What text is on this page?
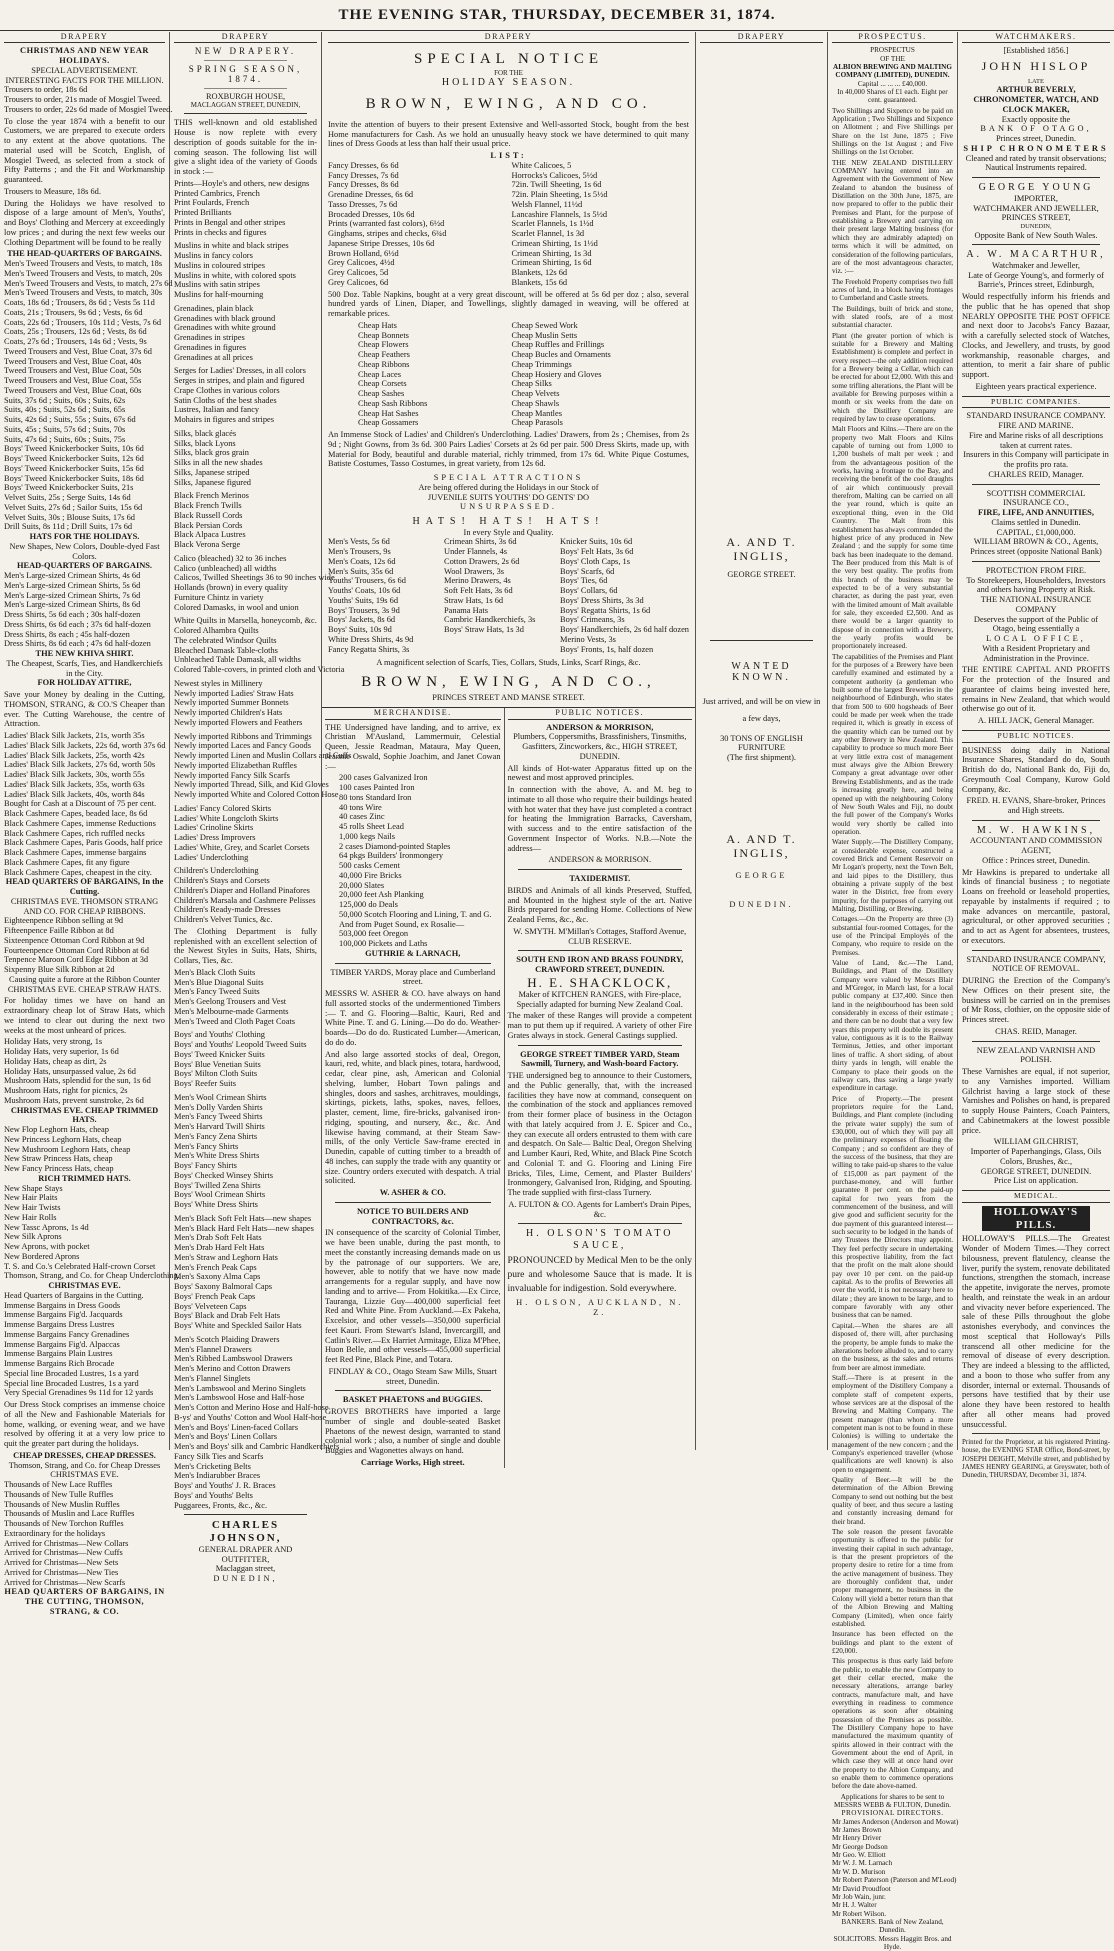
THE EVENING STAR, THURSDAY, DECEMBER 31, 1874.
DRAPERY
CHRISTMAS AND NEW YEAR HOLIDAYS.
SPECIAL ADVERTISEMENT.
INTERESTING FACTS FOR THE MILLION.
Trousers to order, 18s 6d
Trousers to order, 21s made of Mosgiel Tweed.
Trousers to order, 22s 6d made of Mosgiel Tweed.
To close the year 1874 with a benefit to our Customers, we are prepared to execute orders to any extent at the above quotations. The material used will be Scotch, English, of Mosgiel Tweed, as selected from a stock of Fifty Patterns ; and the Fit and Workmanship guaranteed.
Trousers to Measure, 18s 6d.
During the Holidays we have resolved to dispose of a large amount of Men's, Youths', and Boys' Clothing and Mercery at exceedingly low prices ; and during the next few weeks our Clothing Department will be found to be really
THE HEAD-QUARTERS OF BARGAINS.
Men's Tweed Trousers and Vests, to match, 18s
Men's Tweed Trousers and Vests, to match, 20s
Men's Tweed Trousers and Vests, to match, 27s 6d
Men's Tweed Trousers and Vests, to match, 30s
Coats, 18s 6d ; Trousers, 8s 6d ; Vests 5s 11d
Coats, 21s ; Trousers, 9s 6d ; Vests, 6s 6d
Coats, 22s 6d ; Trousers, 10s 11d ; Vests, 7s 6d
Coats, 25s ; Trousers, 12s 6d ; Vests, 8s 6d
Coats, 27s 6d ; Trousers, 14s 6d ; Vests, 9s
Tweed Trousers and Vest, Blue Coat, 37s 6d
Tweed Trousers and Vest, Blue Coat, 40s
Tweed Trousers and Vest, Blue Coat, 50s
Tweed Trousers and Vest, Blue Coat, 55s
Tweed Trousers and Vest, Blue Coat, 60s
Suits, 37s 6d ; Suits, 60s ; Suits, 62s
Suits, 40s ; Suits, 52s 6d ; Suits, 65s
Suits, 42s 6d ; Suits, 55s ; Suits, 67s 6d
Suits, 45s ; Suits, 57s 6d ; Suits, 70s
Suits, 47s 6d ; Suits, 60s ; Suits, 75s
Boys' Tweed Knickerbocker Suits, 10s 6d
Boys' Tweed Knickerbocker Suits, 12s 6d
Boys' Tweed Knickerbocker Suits, 15s 6d
Boys' Tweed Knickerbocker Suits, 18s 6d
Boys' Tweed Knickerbocker Suits, 21s
Velvet Suits, 25s ; Serge Suits, 14s 6d
Velvet Suits, 27s 6d ; Sailor Suits, 15s 6d
Velvet Suits, 30s ; Blouse Suits, 17s 6d
Drill Suits, 8s 11d ; Drill Suits, 17s 6d
HATS FOR THE HOLIDAYS.
New Shapes, New Colors, Double-dyed Fast Colors.
HEAD-QUARTERS OF BARGAINS.
Men's Large-sized Crimean Shirts, 4s 6d
Men's Large-sized Crimean Shirts, 5s 6d
Men's Large-sized Crimean Shirts, 7s 6d
Men's Large-sized Crimean Shirts, 8s 6d
Dress Shirts, 5s 6d each ; 30s half-dozen
Dress Shirts, 6s 6d each ; 37s 6d half-dozen
Dress Shirts, 8s each ; 45s half-dozen
Dress Shirts, 8s 6d each ; 47s 6d half-dozen
THE NEW KHIVA SHIRT.
The Cheapest, Scarfs, Ties, and Handkerchiefs in the City.
FOR HOLIDAY ATTIRE,
Save your Money by dealing in the Cutting, THOMSON, STRANG, & CO.'S Cheaper than ever. The Cutting Warehouse, the centre of Attraction.
Ladies' Black Silk Jackets, 21s, worth 35s
Ladies' Black Silk Jackets, 22s 6d, worth 37s 6d
Ladies' Black Silk Jackets, 25s, worth 42s
Ladies' Black Silk Jackets, 27s 6d, worth 50s
Ladies' Black Silk Jackets, 30s, worth 55s
Ladies' Black Silk Jackets, 35s, worth 63s
Ladies' Black Silk Jackets, 40s, worth 84s
Bought for Cash at a Discount of 75 per cent.
Black Cashmere Capes, beaded lace, 8s 6d
Black Cashmere Capes, immense Reductions
Black Cashmere Capes, rich ruffled necks
Black Cashmere Capes, Paris Goods, half price
Black Cashmere Capes, immense bargains
Black Cashmere Capes, fit any figure
Black Cashmere Capes, cheapest in the city.
HEAD QUARTERS OF BARGAINS, In the Cutting.
CHRISTMAS EVE. THOMSON STRANG AND CO. FOR CHEAP RIBBONS.
Eighteenpence Ribbon selling at 9d
Fifteenpence Faille Ribbon at 8d
Sixteenpence Ottoman Cord Ribbon at 9d
Fourteenpence Ottoman Cord Ribbon at 6d
Tenpence Maroon Cord Edge Ribbon at 3d
Sixpenny Blue Silk Ribbon at 2d
Causing quite a furore at the Ribbon Counter CHRISTMAS EVE. CHEAP STRAW HATS.
For holiday times we have on hand an extraordinary cheap lot of Straw Hats, which we intend to clear out during the next two weeks at the most unheard of prices.
Holiday Hats, very strong, 1s
Holiday Hats, very superior, 1s 6d
Holiday Hats, cheap as dirt, 2s
Holiday Hats, unsurpassed value, 2s 6d
Mushroom Hats, splendid for the sun, 1s 6d
Mushroom Hats, right for picnics, 2s
Mushroom Hats, prevent sunstroke, 2s 6d
CHRISTMAS EVE. CHEAP TRIMMED HATS.
New Flop Leghorn Hats, cheap
New Princess Leghorn Hats, cheap
New Mushroom Leghorn Hats, cheap
New Straw Princess Hats, cheap
New Fancy Princess Hats, cheap
RICH TRIMMED HATS.
New Shape Stays
New Hair Plaits
New Hair Twists
New Hair Rolls
New Tassc Aprons, 1s 4d
New Silk Aprons
New Aprons, with pocket
New Bordered Aprons
T. S. and Co.'s Celebrated Half-crown Corset
Thomson, Strang, and Co. for Cheap Underclothing.
CHRISTMAS EVE.
Head Quarters of Bargains in the Cutting.
Immense Bargains in Dress Goods
Immense Bargains Fig'd. Jacquards
Immense Bargains Dress Lustres
Immense Bargains Fancy Grenadines
Immense Bargains Fig'd. Alpaccas
Immense Bargains Plain Lustres
Immense Bargains Rich Brocade
Special line Brocaded Lustres, 1s a yard
Special line Brocaded Lustres, 1s a yard
Very Special Grenadines 9s 11d for 12 yards
Our Dress Stock comprises an immense choice of all the New and Fashionable Materials for home, walking, or evening wear, and we have resolved by offering it at a very low price to quit the greater part during the holidays.
CHEAP DRESSES, CHEAP DRESSES.
Thomson, Strang, and Co. for Cheap Dresses CHRISTMAS EVE.
Thousands of New Lace Ruffles
Thousands of New Tulle Ruffles
Thousands of New Muslin Ruffles
Thousands of Muslin and Lace Ruffles
Thousands of New Torchon Ruffles
Extraordinary for the holidays
Arrived for Christmas—New Collars
Arrived for Christmas—New Cuffs
Arrived for Christmas—New Sets
Arrived for Christmas—New Ties
Arrived for Christmas—New Scarfs
HEAD QUARTERS OF BARGAINS, IN THE CUTTING, THOMSON, STRANG, & CO.
DRAPERY
NEW DRAPERY.
SPRING SEASON, 1874.
ROXBURGH HOUSE,
MACLAGGAN STREET, DUNEDIN,
THIS well-known and old established House is now replete with every description of goods suitable for the in-coming season. The following list will give a slight idea of the variety of Goods in stock :—
Prints—Hoyle's and others, new designs
Printed Cambrics, French
Print Foulards, French
Printed Brilliants
Prints in Bengal and other stripes
Prints in checks and figures
Muslins in white and black stripes
Muslins in fancy colors
Muslins in coloured stripes
Muslins in white, with colored spots
Muslins with satin stripes
Muslins for half-mourning
Grenadines, plain black
Grenadines with black ground
Grenadines with white ground
Grenadines in stripes
Grenadines in figures
Grenadines at all prices
Serges for Ladies' Dresses, in all colors
Serges in stripes, and plain and figured
Crape Clothes in various colors
Satin Cloths of the best shades
Lustres, Italian and fancy
Mohairs in figures and stripes
Silks, black glacés
Silks, black Lyons
Silks, black gros grain
Silks in all the new shades
Silks, Japanese striped
Silks, Japanese figured
Black French Merinos
Black French Twills
Black Russell Cords
Black Persian Cords
Black Alpaca Lustres
Black Verona Serge
Calico (bleached) 32 to 36 inches
Calico (unbleached) all widths
Calicos, Twilled Sheetings 36 to 90 inches wide
Hollands (brown) in every quality
Furniture Chintz in variety
Colored Damasks, in wool and union
White Quilts in Marsella, honeycomb, &c.
Colored Alhambra Quilts
The celebrated Windsor Quilts
Bleached Damask Table-cloths
Unbleached Table Damask, all widths
Colored Table-covers, in printed cloth and Victoria
Newest styles in Millinery
Newly imported Ladies' Straw Hats
Newly imported Summer Bonnets
Newly imported Children's Hats
Newly imported Flowers and Feathers
Newly imported Ribbons and Trimmings
Newly imported Laces and Fancy Goods
Newly imported Linen and Muslin Collars and Cuffs
Newly imported Elizabethan Ruffles
Newly imported Fancy Silk Scarfs
Newly imported Thread, Silk, and Kid Gloves
Newly imported White and Colored Cotton Hose
Ladies' Fancy Colored Skirts
Ladies' White Longcloth Skirts
Ladies' Crinoline Skirts
Ladies' Dress Improvers
Ladies' White, Grey, and Scarlet Corsets
Ladies' Underclothing
Children's Underclothing
Children's Stays and Corsets
Children's Diaper and Holland Pinafores
Children's Marsala and Cashmere Pelisses
Children's Ready-made Dresses
Children's Velvet Tunics, &c.
The Clothing Department is fully replenished with an excellent selection of the Newest Styles in Suits, Hats, Shirts, Collars, Ties, &c.
Men's Black Cloth Suits
Men's Blue Diagonal Suits
Men's Fancy Tweed Suits
Men's Geelong Trousers and Vest
Men's Melbourne-made Garments
Men's Tweed and Cloth Paget Coats
Boys' and Youths' Clothing
Boys' and Youths' Leopold Tweed Suits
Boys' Tweed Knicker Suits
Boys' Blue Venetian Suits
Boys' Milton Cloth Suits
Boys' Reefer Suits
Men's Wool Crimean Shirts
Men's Dolly Varden Shirts
Men's Fancy Tweed Shirts
Men's Harvard Twill Shirts
Men's Fancy Zena Shirts
Men's Fancy Shirts
Men's White Dress Shirts
Boys' Fancy Shirts
Boys' Checked Winsey Shirts
Boys' Twilled Zena Shirts
Boys' Wool Crimean Shirts
Boys' White Dress Shirts
Men's Black Soft Felt Hats—new shapes
Men's Black Hard Felt Hats—new shapes
Men's Drab Soft Felt Hats
Men's Drab Hard Felt Hats
Men's Straw and Leghorn Hats
Men's French Peak Caps
Men's Saxony Alma Caps
Boys' Saxony Balmoral Caps
Boys' French Peak Caps
Boys' Velveteen Caps
Boys' Black and Drab Felt Hats
Boys' White and Speckled Sailor Hats
Men's Scotch Plaiding Drawers
Men's Flannel Drawers
Men's Ribbed Lambswool Drawers
Men's Merino and Cotton Drawers
Men's Flannel Singlets
Men's Lambswool and Merino Singlets
Men's Lambswool Hose and Half-hose
Men's Cotton and Merino Hose and Half-hose
B-ys' and Youths' Cotton and Wool Half-hose
Men's and Boys' Linen-faced Collars
Men's and Boys' Linen Collars
Men's and Boys' silk and Cambric Handkerchiefs
Fancy Silk Ties and Scarfs
Men's Cricketing Belts
Men's Indiarubber Braces
Boys' and Youths' J. R. Braces
Boys' and Youths' Belts
Puggarees, Fronts, &c., &c.
CHARLES JOHNSON,
GENERAL DRAPER AND OUTFITTER,
Maclaggan street,
DUNEDIN,
DRAPERY
SPECIAL NOTICE
FOR THE
HOLIDAY SEASON.
BROWN, EWING, AND CO.
Invite the attention of buyers to their present Extensive and Well-assorted Stock, bought from the best Home manufacturers for Cash. As we hold an unusually heavy stock we have determined to quit many lines of Dress Goods at less than half their usual price.
LIST:
Fancy Dresses, 6s 6d
Fancy Dresses, 7s 6d
Fancy Dresses, 8s 6d
Grenadine Dresses, 6s 6d
Tasso Dresses, 7s 6d
Brocaded Dresses, 10s 6d
Prints (warranted fast colors), 6½d
Ginghams, stripes and checks, 6¾d
Japanese Stripe Dresses, 10s 6d
Brown Holland, 6½d
Grey Calicoes, 4½d
Grey Calicoes, 5d
Grey Calicoes, 6d
White Calicoes, 5
Horrocks's Calicoes, 5½d
72in. Twill Sheeting, 1s 6d
72in. Plain Sheeting, 1s 5½d
Welsh Flannel, 11½d
Lancashire Flannels, 1s 5½d
Scarlet Flannels, 1s 1½d
Scarlet Flannel, 1s 3d
Crimean Shirting, 1s 1½d
Crimean Shirting, 1s 3d
Crimean Shirting, 1s 6d
Blankets, 12s 6d
Blankets, 15s 6d
500 Doz. Table Napkins, bought at a very great discount, will be offered at 5s 6d per doz ; also, several hundred yards of Linen, Diaper, and Towellings, slightly damaged in weaving, will be offered at remarkable prices.
Cheap Hats
Cheap Bonnets
Cheap Flowers
Cheap Feathers
Cheap Ribbons
Cheap Laces
Cheap Corsets
Cheap Sashes
Cheap Sash Ribbons
Cheap Hat Sashes
Cheap Gossamers
Cheap Sewed Work
Cheap Muslin Setts
Cheap Ruffles and Frillings
Cheap Bucles and Ornaments
Cheap Trimmings
Cheap Hosiery and Gloves
Cheap Silks
Cheap Velvets
Cheap Shawls
Cheap Mantles
Cheap Parasols
An Immense Stock of Ladies' and Children's Underclothing. Ladies' Drawers, from 2s ; Chemises, from 2s 9d ; Night Gowns, from 3s 6d. 300 Pairs Ladies' Corsets at 2s 6d per pair. 500 Dress Skirts, made up, with Material for Body, beautiful and durable material, richly trimmed, from 17s 6d. White Pique Costumes, Batiste Costumes, Tasso Costumes, in great variety, from 12s 6d.
SPECIAL ATTRACTIONS
Are being offered during the Holidays in our Stock of
JUVENILE SUITS YOUTHS' DO GENTS' DO
UNSURPASSED.
HATS! HATS! HATS!
In every Style and Quality.
Men's Vests, 5s 6d
Men's Trousers, 9s
Men's Coats, 12s 6d
Men's Suits, 35s 6d
Youths' Trousers, 6s 6d
Youths' Coats, 10s 6d
Youths' Suits, 19s 6d
Boys' Trousers, 3s 9d
Boys' Jackets, 8s 6d
Boys' Suits, 10s 9d
White Dress Shirts, 4s 9d
Fancy Regatta Shirts, 3s
Crimean Shirts, 3s 6d
Under Flannels, 4s
Cotton Drawers, 2s 6d
Wool Drawers, 3s
Merino Drawers, 4s
Soft Felt Hats, 3s 6d
Straw Hats, 1s 6d
Panama Hats
Cambric Handkerchiefs, 3s
Boys' Straw Hats, 1s 3d
Knicker Suits, 10s 6d
Boys' Felt Hats, 3s 6d
Boys' Cloth Caps, 1s
Boys' Scarfs, 6d
Boys' Ties, 6d
Boys' Collars, 6d
Boys' Dress Shirts, 3s 3d
Boys' Regatta Shirts, 1s 6d
Boys' Crimeans, 3s
Boys' Handkerchiefs, 2s 6d half dozen
Merino Vests, 3s
Boys' Fronts, 1s, half dozen
A magnificent selection of Scarfs, Ties, Collars, Studs, Links, Scarf Rings, &c.
BROWN, EWING, AND CO.,
PRINCES STREET AND MANSE STREET.
MERCHANDISE.
THE Undersigned have landing, and to arrive, ex Christian M'Ausland, Lammermuir, Celestial Queen, Jessie Readman, Mataura, May Queen, Jeannie Oswald, Sophie Joachim, and Janet Cowan :—
200 cases Galvanized Iron
100 cases Painted Iron
80 tons Standard Iron
40 tons Wire
40 cases Zinc
45 rolls Sheet Lead
1,000 kegs Nails
2 cases Diamond-pointed Staples
64 pkgs Builders' Ironmongery
500 casks Cement
40,000 Fire Bricks
20,000 Slates
20,000 feet Ash Planking
125,000 do Deals
50,000 Scotch Flooring and Lining, T. and G.
And from Puget Sound, ex Rosalie—
503,000 feet Oregon
100,000 Pickets and Laths
GUTHRIE & LARNACH,
TIMBER YARDS, Moray place and Cumberland street.
MESSRS W. ASHER & CO. have always on hand full assorted stocks of the undermentioned Timbers :— T. and G. Flooring—Baltic, Kauri, Red and White Pine. T. and G. Lining.—Do do do. Weather-boards—Do do do. Rusticated Lumber—American, do do do.
And also large assorted stocks of deal, Oregon, kauri, red, white, and black pines, totara, hardwood, cedar, clear pine, ash, American and Colonial shelving, lumber, Hobart Town palings and shingles, doors and sashes, architraves, mouldings, skirtings, pickets, laths, spokes, naves, felloes, plaster, cement, lime, fire-bricks, galvanised iron-ridging, spouting, and nursery, &c., &c. And likewise having command, at their Steam Saw-mills, of the only Verticle Saw-frame erected in Dunedin, capable of cutting timber to a breadth of 48 inches, can supply the trade with any quantity or size. Country orders executed with despatch. A trial solicited.
W. ASHER & CO.
NOTICE TO BUILDERS AND CONTRACTORS, &c.
IN consequence of the scarcity of Colonial Timber, we have been unable, during the past month, to meet the constantly increasing demands made on us by the patronage of our supporters. We are, however, able to notify that we have now made arrangements for a regular supply, and have now landing and to arrive— From Hokitika.—Ex Circe, Tauranga, Lizzie Guy—400,000 superficial feet Red and White Pine. From Auckland.—Ex Pakeha, Excelsior, and other vessels—350,000 superficial feet Kauri. From Stewart's Island, Invercargill, and Catlin's River.—Ex Harriet Armitage, Eliza M'Phee, Huon Belle, and other vessels—455,000 superficial feet Red Pine, Black Pine, and Totara.
FINDLAY & CO., Otago Steam Saw Mills, Stuart street, Dunedin.
BASKET PHAETONS and BUGGIES.
GROVES BROTHERS have imported a large number of single and double-seated Basket Phaetons of the newest design, warranted to stand colonial work ; also, a number of single and double Buggies and Wagonettes always on hand.
Carriage Works, High street.
PUBLIC NOTICES.
ANDERSON & MORRISON,
Plumbers, Coppersmiths, Brassfinishers, Tinsmiths, Gasfitters, Zincworkers, &c., HIGH STREET, DUNEDIN.
All kinds of Hot-water Apparatus fitted up on the newest and most approved principles.
In connection with the above, A. and M. beg to intimate to all those who require their buildings heated with hot water that they have just completed a contract for heating the Immigration Barracks, Caversham, with success and to the entire satisfaction of the Government Inspector of Works. N.B.—Note the address—
ANDERSON & MORRISON.
TAXIDERMIST.
BIRDS and Animals of all kinds Preserved, Stuffed, and Mounted in the highest style of the art. Native Birds prepared for sending Home. Collections of New Zealand Ferns, &c., &c.
W. SMYTH. M'Millan's Cottages, Stafford Avenue, CLUB RESERVE.
SOUTH END IRON AND BRASS FOUNDRY, CRAWFORD STREET, DUNEDIN.
H. E. SHACKLOCK,
Maker of KITCHEN RANGES, with Fire-place, Specially adapted for burning New Zealand Coal.
The maker of these Ranges will provide a competent man to put them up if required. A variety of other Fire Grates always in stock. General Castings supplied.
GEORGE STREET TIMBER YARD, Steam Sawmill, Turnery, and Wash-board Factory.
THE undersigned beg to announce to their Customers, and the Public generally, that, with the increased facilities they have now at command, consequent on the combination of the stock and appliances removed from their former place of business in the Octagon with that lately acquired from J. E. Spicer and Co., they can execute all orders entrusted to them with care and despatch. On Sale— Baltic Deal, Oregon Shelving and Lumber Kauri, Red, White, and Black Pine Scotch and Colonial T. and G. Flooring and Lining Fire Bricks, Tiles, Lime, Cement, and Plaster Builders' Ironmongery, Galvanised Iron, Ridging, and Spouting. The trade supplied with first-class Turnery.
A. FULTON & CO. Agents for Lambert's Drain Pipes, &c.
H. OLSON'S TOMATO SAUCE,
PRONOUNCED by Medical Men to be the only pure and wholesome Sauce that is made. It is invaluable for indigestion. Sold everywhere.
H. OLSON, AUCKLAND, N. Z.
DRAPERY
A. AND T. INGLIS,
GEORGE STREET.
WANTED KNOWN.
Just arrived, and will be on view in a few days,
30 TONS OF ENGLISH FURNITURE
(The first shipment).
A. AND T. INGLIS,
GEORGE
DUNEDIN.
PROSPECTUS.
PROSPECTUS
OF THE
ALBION BREWING AND MALTING COMPANY (LIMITED), DUNEDIN.
Capital ... ... ... £40,000.
In 40,000 Shares of £1 each. Eight per cent. guaranteed.
Two Shillings and Sixpence to be paid on Application ; Two Shillings and Sixpence on Allotment ; and Five Shillings per Share on the 1st June, 1875 ; Five Shillings on the 1st August ; and Five Shillings on the 1st October.
THE NEW ZEALAND DISTILLERY COMPANY having entered into an Agreement with the Government of New Zealand to abandon the business of Distillation on the 30th June, 1875, are now prepared to offer to the public their Premises and Plant, for the purpose of establishing a Brewery and carrying on their present large Malting business (for which they are admirably adapted) on terms which it will be admitted, on consideration of the following particulars, are of the most advantageous character, viz. :—
The Freehold Property comprises two full acres of land, in a block having frontages to Cumberland and Castle streets.
The Buildings, built of brick and stone, with slated roofs, are of a most substantial character.
Plant (the greater portion of which is suitable for a Brewery and Malting Establishment) is complete and perfect in every respect—the only addition required for a Brewery being a Cellar, which can be erected for about £2,000. With this and some trifling alterations, the Plant will be available for Brewing purposes within a month or six weeks from the date on which the Distillery Company are required by law to cease operations.
Malt Floors and Kilns.—There are on the property two Malt Floors and Kilns capable of turning out from 1,000 to 1,200 bushels of malt per week ; and from the advantageous position of the works, having a frontage to the Bay, and receiving the benefit of the cool draughts of air which continuously prevail therefrom, Malting can be carried on all the year round, which is quite an exceptional thing, even in the Old Country. The Malt from this establishment has always commanded the highest price of any produced in New Zealand ; and the supply for some time back has been inadequate to the demand. The Beer produced from this Malt is of the very best quality. The profits from this branch of the business may be expected to be of a very substantial character, as during the past year, even with the limited amount of Malt available for sale, they exceeded £2,500. And as there would be a larger quantity to dispose of in connection with a Brewery, the yearly profits would be proportionately increased.
The capabilities of the Premises and Plant for the purposes of a Brewery have been carefully examined and estimated by a competent authority (a gentleman who built some of the largest Breweries in the neighbourhood of Edinburgh, who states that from 500 to 600 hogsheads of Beer could be made per week when the trade required it, which is greatly in excess of the quantity which can be turned out by any other Brewery in New Zealand. This capability to produce so much more Beer at very little extra cost of management must always give the Albion Brewery Company a great advantage over other Brewing Establishments, and as the trade is increasing greatly here, and being opened up with the neighbouring Colony of New South Wales and Fiji, no doubt the full power of the Company's Works would very shortly be called into operation.
Water Supply.—The Distillery Company, at considerable expense, constructed a covered Brick and Cement Reservoir on Mr Logan's property, next the Town Belt, and laid pipes to the Distillery, thus obtaining a private supply of the best water in the District, free from every impurity, for the purposes of carrying out Malting, Distilling, or Brewing.
Cottages.—On the Property are three (3) substantial four-roomed Cottages, for the use of the Principal Employés of the Company, who require to reside on the Premises.
Value of Land, &c.—The Land, Buildings, and Plant of the Distillery Company were valued by Messrs Blair and M'Gregor, in March last, for a local public company at £37,400. Since then land in the neighbourhood has been sold considerably in excess of their estimate ; and there can be no doubt that a very few years this property will double its present value, contiguous as it is to the Railway Terminus, Jetties, and other important lines of traffic. A short siding, of about thirty yards in length, will enable the Company to place their goods on the railway cars, thus saving a large yearly expenditure in cartage.
Price of Property.—The present proprietors require for the Land, Buildings, and Plant complete (including the private water supply) the sum of £30,000, out of which they will pay all the preliminary expenses of floating the Company ; and so confident are they of the success of the business, that they are willing to take paid-up shares to the value of £15,000 as part payment of the purchase-money, and will further guarantee 8 per cent. on the paid-up capital for two years from the commencement of the business, and will give good and sufficient security for the due payment of this guaranteed interest—such security to be lodged in the hands of any Trustees the Directors may appoint. They feel perfectly secure in undertaking this prospective liability, from the fact that the profit on the malt alone should pay over 10 per cent. on the paid-up capital. As to the profits of Breweries all over the world, it is not necessary here to dilate ; they are known to be large, and to compare favorably with any other business that can be named.
Capital.—When the shares are all disposed of, there will, after purchasing the property, be ample funds to make the alterations before alluded to, and to carry on the business, as the sales and returns from beer are almost immediate.
Staff.—There is at present in the employment of the Distillery Company a complete staff of competent experts, whose services are at the disposal of the Brewing and Malting Company. The present manager (than whom a more competent man is not to be found in these Colonies) is willing to undertake the management of the new concern ; and the Company's experienced traveller (whose qualifications are well known) is also open to engagement.
Quality of Beer.—It will be the determination of the Albion Brewing Company to send out nothing but the best quality of beer, and thus secure a lasting and constantly increasing demand for their brand.
The sole reason the present favorable opportunity is offered to the public for investing their capital in such advantage, is that the present proprietors of the property desire to retire for a time from the active management of business. They are thoroughly confident that, under proper management, no business in the Colony will yield a better return than that of the Albion Brewing and Malting Company (Limited), when once fairly established.
Insurance has been effected on the buildings and plant to the extent of £20,000.
This prospectus is thus early laid before the public, to enable the new Company to get their cellar erected, make the necessary alterations, arrange barley contracts, manufacture malt, and have everything in readiness to commence operations as soon after obtaining possession of the Premises as possible. The Distillery Company hope to have manufactured the maximum quantity of spirits allowed in their contract with the Government about the end of April, in which case they will at once hand over the property to the Albion Company, and so enable them to commence operations before the date above-named.
Applications for shares to be sent to
MESSRS WEBB & FULTON, Dunedin.
PROVISIONAL DIRECTORS.
Mr James Anderson (Anderson and Mowat)
Mr James Brown
Mr Henry Driver
Mr George Dodson
Mr Geo. W. Elliott
Mr W. J. M. Larnach
Mr W. D. Murison
Mr Robert Paterson (Paterson and M'Leod)
Mr David Proudfoot
Mr Job Wain, junr.
Mr H. J. Walter
Mr Robert Wilson.
BANKERS. Bank of New Zealand, Dunedin.
SOLICITORS. Messrs Haggitt Bros. and Hyde.
WATCHMAKERS.
[Established 1856.]
JOHN HISLOP
LATE
ARTHUR BEVERLY,
CHRONOMETER, WATCH, AND CLOCK MAKER,
Exactly opposite the
BANK OF OTAGO,
Princes street, Dunedin.
SHIP CHRONOMETERS
Cleaned and rated by transit observations; Nautical Instruments repaired.
GEORGE YOUNG
IMPORTER,
WATCHMAKER AND JEWELLER,
PRINCES STREET,
DUNEDIN,
Opposite Bank of New South Wales.
A. W. MACARTHUR,
Watchmaker and Jeweller,
Late of George Young's, and formerly of Barrie's, Princes street, Edinburgh,
Would respectfully inform his friends and the public that he has opened that shop NEARLY OPPOSITE THE POST OFFICE and next door to Jacobs's Fancy Bazaar, with a carefully selected stock of Watches, Clocks, and Jewellery, and trusts, by good workmanship, reasonable charges, and attention, to merit a fair share of public support.
Eighteen years practical experience.
PUBLIC COMPANIES.
STANDARD INSURANCE COMPANY.
FIRE AND MARINE.
Fire and Marine risks of all descriptions taken at current rates.
Insurers in this Company will participate in the profits pro rata.
CHARLES REID, Manager.
SCOTTISH COMMERCIAL INSURANCE CO.,
FIRE, LIFE, AND ANNUITIES,
Claims settled in Dunedin.
CAPITAL, £1,000,000.
WILLIAM BROWN & CO., Agents, Princes street (opposite National Bank)
PROTECTION FROM FIRE.
To Storekeepers, Householders, Investors and others having Property at Risk.
THE NATIONAL INSURANCE COMPANY
Deserves the support of the Public of Otago, being essentially a
LOCAL OFFICE,
With a Resident Proprietary and Administration in the Province.
THE ENTIRE CAPITAL AND PROFITS For the protection of the Insured and guarantee of claims being invested here, remains in New Zealand, that which would otherwise go out of it.
A. HILL JACK, General Manager.
PUBLIC NOTICES.
BUSINESS doing daily in National Insurance Shares, Standard do do, South British do do, National Bank do, Fiji do, Greymouth Coal Company, Kurow Gold Company, &c.
FRED. H. EVANS, Share-broker, Princes and High streets.
M. W. HAWKINS,
ACCOUNTANT AND COMMISSION AGENT,
Office : Princes street, Dunedin.
Mr Hawkins is prepared to undertake all kinds of financial business ; to negotiate Loans on freehold or leasehold properties, repayable by instalments if required ; to make advances on mercantile, pastoral, agricultural, or other approved securities ; and to act as Agent for absentees, trustees, or executors.
STANDARD INSURANCE COMPANY,
NOTICE OF REMOVAL.
DURING the Erection of the Company's New Offices on their present site, the business will be carried on in the premises of Mr Ross, clothier, on the opposite side of Princes street.
CHAS. REID, Manager.
NEW ZEALAND VARNISH AND POLISH.
These Varnishes are equal, if not superior, to any Varnishes imported. William Gilchrist having a large stock of these Varnishes and Polishes on hand, is prepared to supply House Painters, Coach Painters, and Cabinetmakers at the lowest possible price.
WILLIAM GILCHRIST,
Importer of Paperhangings, Glass, Oils Colors, Brushes, &c.,
GEORGE STREET, DUNEDIN.
Price List on application.
MEDICAL.
HOLLOWAY'S PILLS.
HOLLOWAY'S PILLS.—The Greatest Wonder of Modern Times.—They correct bilousness, prevent flatulency, cleanse the liver, purify the system, renovate debilitated functions, strengthen the stomach, increase the appetite, invigorate the nerves, promote health, and reinstate the weak in an ardour and vivacity never before experienced. The sale of these Pills throughout the globe astonishes everybody, and convinces the most sceptical that Holloway's Pills transcend all other medicine for the removal of disease of every description. They are indeed a blessing to the afflicted, and a boon to those who suffer from any disorder, internal or external. Thousands of persons have testified that by their use alone they have been restored to health after all other means had proved unsuccessful.
Printed for the Proprietor, at his registered Printing-house, the EVENING STAR Office, Bond-street, by JOSEPH DEIGHT, Melville street, and published by JAMES HENRY GEARING, at Greyswater, both of Dunedin, THURSDAY, December 31, 1874.
